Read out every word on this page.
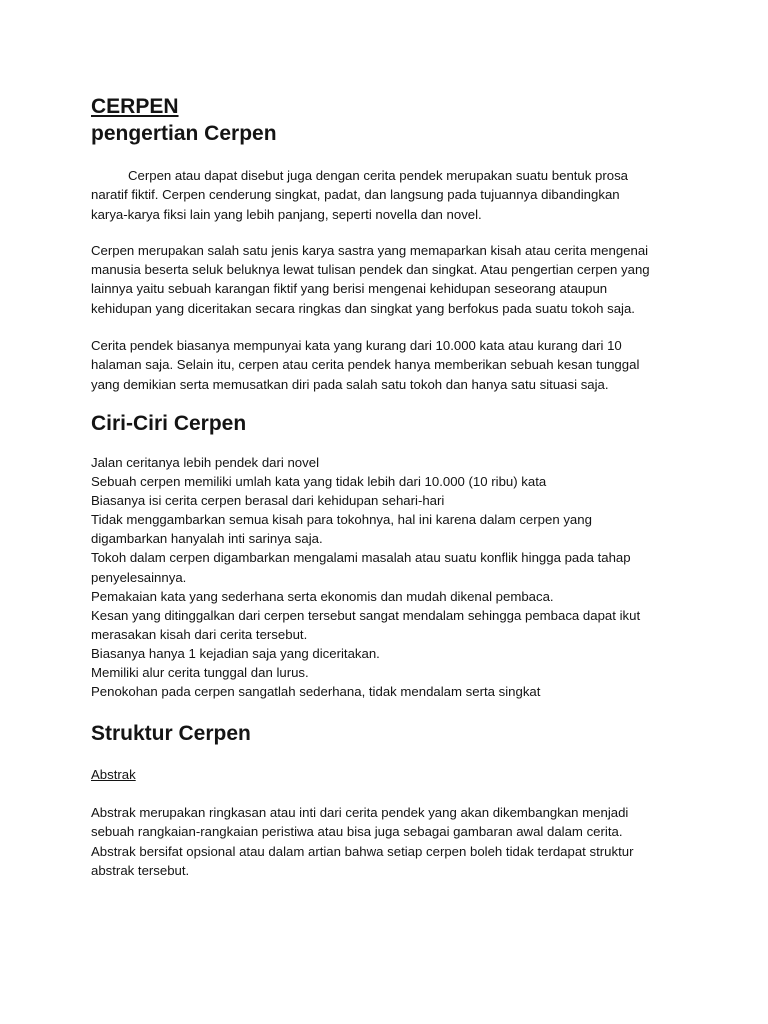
CERPEN
pengertian Cerpen

Cerpen atau dapat disebut juga dengan cerita pendek merupakan suatu bentuk prosa
naratif fiktif. Cerpen cenderung singkat, padat, dan langsung pada tujuannya dibandingkan
karya-karya fiksi lain yang lebih panjang, seperti novella dan novel.

Cerpen merupakan salah satu jenis karya sastra yang memaparkan kisah atau cerita mengenai
manusia beserta seluk beluknya lewat tulisan pendek dan singkat. Atau pengertian cerpen yang
lainnya yaitu sebuah karangan fiktif yang berisi mengenai kehidupan seseorang ataupun
kehidupan yang diceritakan secara ringkas dan singkat yang berfokus pada suatu tokoh saja.

Cerita pendek biasanya mempunyai kata yang kurang dari 10.000 kata atau kurang dari 10
halaman saja. Selain itu, cerpen atau cerita pendek hanya memberikan sebuah kesan tunggal
yang demikian serta memusatkan diri pada salah satu tokoh dan hanya satu situasi saja.

Ciri-Ciri Cerpen
Jalan ceritanya lebih pendek dari novel
Sebuah cerpen memiliki umlah kata yang tidak lebih dari 10.000 (10 ribu) kata
Biasanya isi cerita cerpen berasal dari kehidupan sehari-hari
Tidak menggambarkan semua kisah para tokohnya, hal ini karena dalam cerpen yang
digambarkan hanyalah inti sarinya saja.
Tokoh dalam cerpen digambarkan mengalami masalah atau suatu konflik hingga pada tahap
penyelesainnya.
Pemakaian kata yang sederhana serta ekonomis dan mudah dikenal pembaca.
Kesan yang ditinggalkan dari cerpen tersebut sangat mendalam sehingga pembaca dapat ikut
merasakan kisah dari cerita tersebut.
Biasanya hanya 1 kejadian saja yang diceritakan.
Memiliki alur cerita tunggal dan lurus.
Penokohan pada cerpen sangatlah sederhana, tidak mendalam serta singkat
Struktur Cerpen
Abstrak

Abstrak merupakan ringkasan atau inti dari cerita pendek yang akan dikembangkan menjadi
sebuah rangkaian-rangkaian peristiwa atau bisa juga sebagai gambaran awal dalam cerita.
Abstrak bersifat opsional atau dalam artian bahwa setiap cerpen boleh tidak terdapat struktur
abstrak tersebut.
